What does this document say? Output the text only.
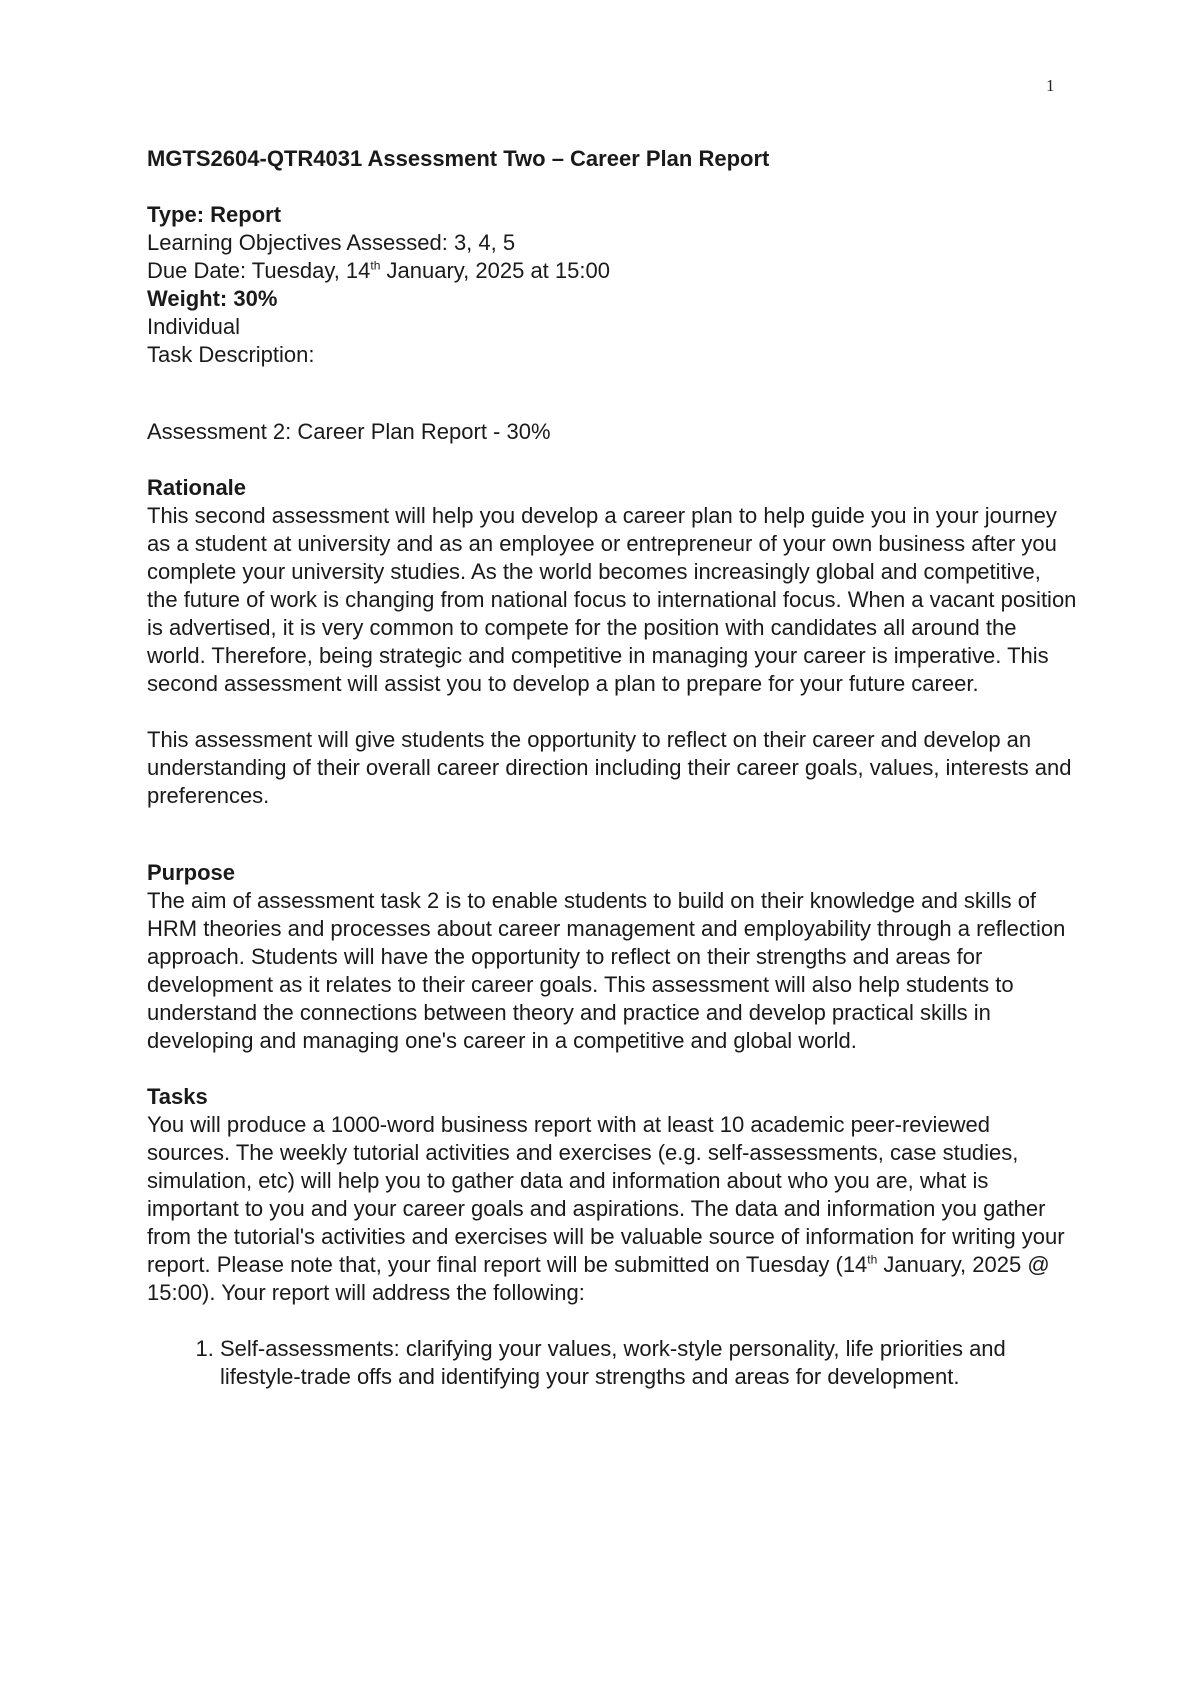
1
MGTS2604-QTR4031 Assessment Two – Career Plan Report
Type: Report
Learning Objectives Assessed: 3, 4, 5
Due Date: Tuesday, 14th January, 2025 at 15:00
Weight: 30%
Individual
Task Description:
Assessment 2: Career Plan Report - 30%
Rationale
This second assessment will help you develop a career plan to help guide you in your journey as a student at university and as an employee or entrepreneur of your own business after you complete your university studies. As the world becomes increasingly global and competitive, the future of work is changing from national focus to international focus. When a vacant position is advertised, it is very common to compete for the position with candidates all around the world. Therefore, being strategic and competitive in managing your career is imperative. This
second assessment will assist you to develop a plan to prepare for your future career.
This assessment will give students the opportunity to reflect on their career and develop an understanding of their overall career direction including their career goals, values, interests and preferences.
Purpose
The aim of assessment task 2 is to enable students to build on their knowledge and skills of HRM theories and processes about career management and employability through a reflection approach. Students will have the opportunity to reflect on their strengths and areas for development as it relates to their career goals. This assessment will also help students to understand the connections between theory and practice and develop practical skills in developing and managing one's career in a competitive and global world.
Tasks
You will produce a 1000-word business report with at least 10 academic peer-reviewed sources. The weekly tutorial activities and exercises (e.g. self-assessments, case studies, simulation, etc) will help you to gather data and information about who you are, what is important to you and your career goals and aspirations. The data and information you gather from the tutorial's activities and exercises will be valuable source of information for writing your report. Please note that, your final report will be submitted on Tuesday (14th January, 2025 @ 15:00). Your report will address the following:
1. Self-assessments: clarifying your values, work-style personality, life priorities and lifestyle-trade offs and identifying your strengths and areas for development.
